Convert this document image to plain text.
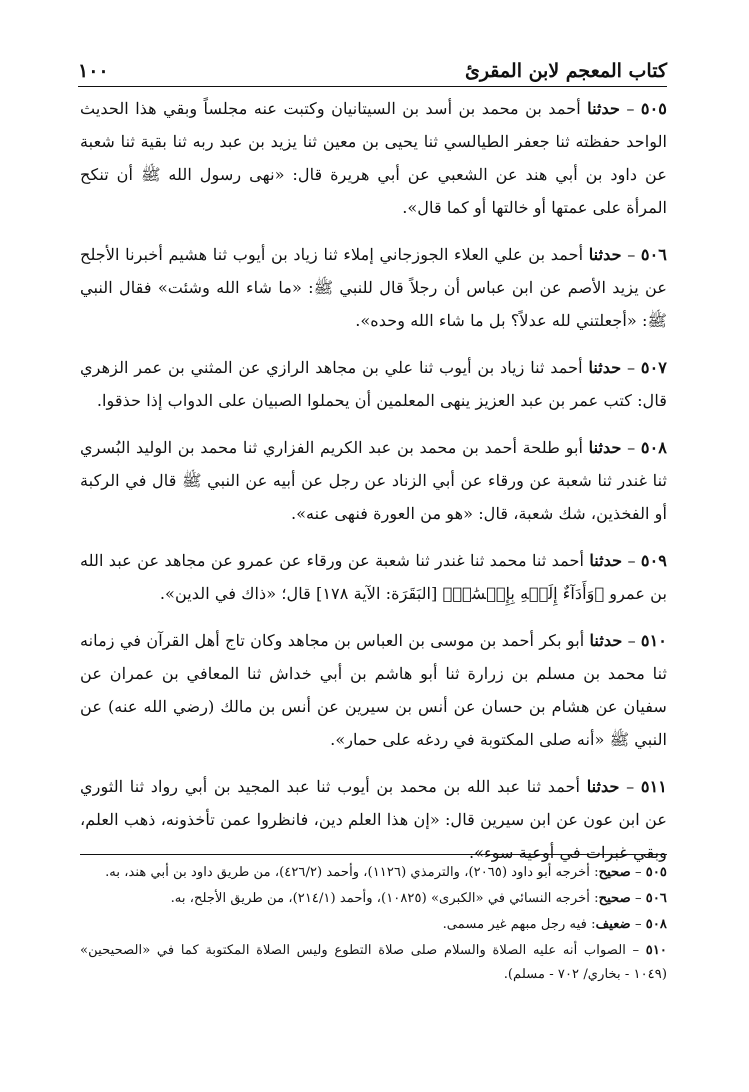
كتاب المعجم لابن المقرئ
١٠٠

٥٠٥ – حدثنا أحمد بن محمد بن أسد بن السيتانيان وكتبت عنه مجلساً وبقي هذا الحديث الواحد حفظته ثنا جعفر الطيالسي ثنا يحيى بن معين ثنا يزيد بن عبد ربه ثنا بقية ثنا شعبة عن داود بن أبي هند عن الشعبي عن أبي هريرة قال: «نهى رسول الله ﷺ أن تنكح المرأة على عمتها أو خالتها أو كما قال».

٥٠٦ – حدثنا أحمد بن علي العلاء الجوزجاني إملاء ثنا زياد بن أيوب ثنا هشيم أخبرنا الأجلح عن يزيد الأصم عن ابن عباس أن رجلاً قال للنبي ﷺ: «ما شاء الله وشئت» فقال النبي ﷺ: «أجعلتني لله عدلاً؟ بل ما شاء الله وحده».

٥٠٧ – حدثنا أحمد ثنا زياد بن أيوب ثنا علي بن مجاهد الرازي عن المثني بن عمر الزهري قال: كتب عمر بن عبد العزيز ينهى المعلمين أن يحملوا الصبيان على الدواب إذا حذقوا.

٥٠٨ – حدثنا أبو طلحة أحمد بن محمد بن عبد الكريم الفزاري ثنا محمد بن الوليد البُسري ثنا غندر ثنا شعبة عن ورقاء عن أبي الزناد عن رجل عن أبيه عن النبي ﷺ قال في الركبة أو الفخذين، شك شعبة، قال: «هو من العورة فنهى عنه».

٥٠٩ – حدثنا أحمد ثنا محمد ثنا غندر ثنا شعبة عن ورقاء عن عمرو عن مجاهد عن عبد الله بن عمرو ﴿وَأَدَآءٌ إِلَيۡهِ بِإِحۡسَٰنٖ﴾ [البَقَرَة: الآية ١٧٨] قال؛ «ذاك في الدين».

٥١٠ – حدثنا أبو بكر أحمد بن موسى بن العباس بن مجاهد وكان تاج أهل القرآن في زمانه ثنا محمد بن مسلم بن زرارة ثنا أبو هاشم بن أبي خداش ثنا المعافي بن عمران عن سفيان عن هشام بن حسان عن أنس بن سيرين عن أنس بن مالك (رضي الله عنه) عن النبي ﷺ «أنه صلى المكتوبة في ردغه على حمار».

٥١١ – حدثنا أحمد ثنا عبد الله بن محمد بن أيوب ثنا عبد المجيد بن أبي رواد ثنا الثوري عن ابن عون عن ابن سيرين قال: «إن هذا العلم دين، فانظروا عمن تأخذونه، ذهب العلم، وبقي غبرات في أوعية سوء».

٥٠٥ – صحيح: أخرجه أبو داود (٢٠٦٥)، والترمذي (١١٢٦)، وأحمد (٤٢٦/٢)، من طريق داود بن أبي هند، به.

٥٠٦ – صحيح: أخرجه النسائي في «الكبرى» (١٠٨٢٥)، وأحمد (٢١٤/١)، من طريق الأجلح، به.

٥٠٨ – ضعيف: فيه رجل مبهم غير مسمى.

٥١٠ – الصواب أنه عليه الصلاة والسلام صلى صلاة التطوع وليس الصلاة المكتوبة كما في «الصحيحين» (١٠٤٩ - بخاري/ ٧٠٢ - مسلم).
